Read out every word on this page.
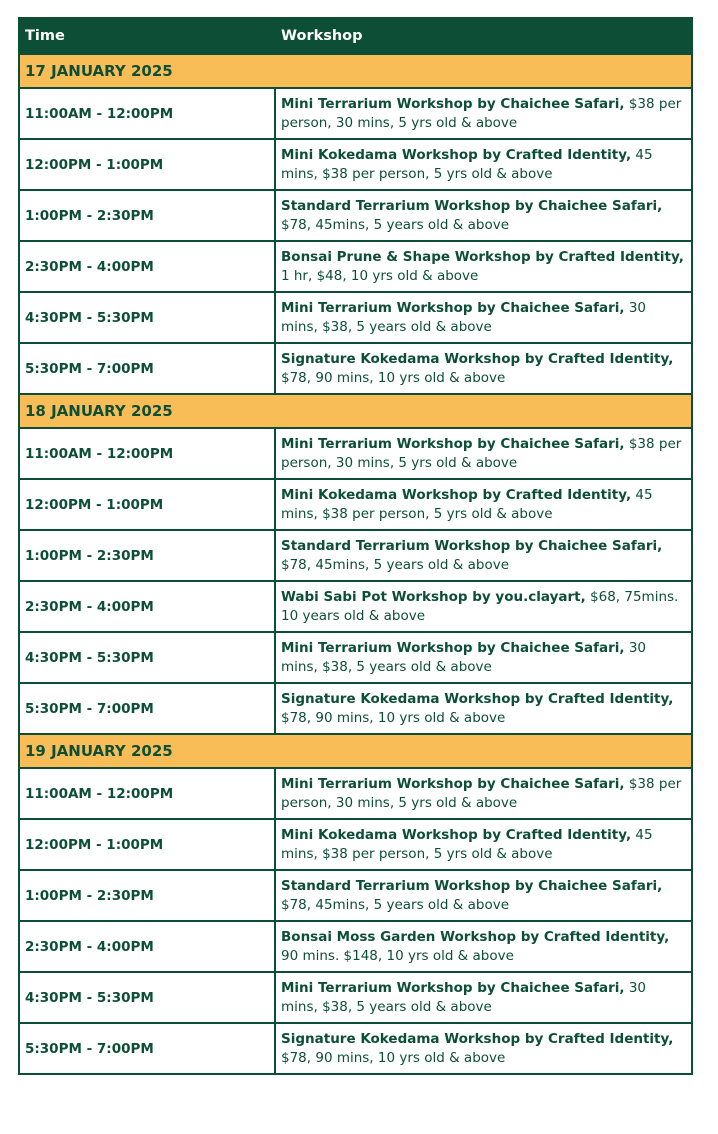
Time	Workshop
17 JANUARY 2025	
11:00AM - 12:00PM	Mini Terrarium Workshop by Chaichee Safari, $38 per person, 30 mins, 5 yrs old & above
12:00PM - 1:00PM	Mini Kokedama Workshop by Crafted Identity, 45 mins, $38 per person, 5 yrs old & above
1:00PM - 2:30PM	Standard Terrarium Workshop by Chaichee Safari, $78, 45mins, 5 years old & above
2:30PM - 4:00PM	Bonsai Prune & Shape Workshop by Crafted Identity, 1 hr, $48, 10 yrs old & above
4:30PM - 5:30PM	Mini Terrarium Workshop by Chaichee Safari, 30 mins, $38, 5 years old & above
5:30PM - 7:00PM	Signature Kokedama Workshop by Crafted Identity, $78, 90 mins, 10 yrs old & above
18 JANUARY 2025	
11:00AM - 12:00PM	Mini Terrarium Workshop by Chaichee Safari, $38 per person, 30 mins, 5 yrs old & above
12:00PM - 1:00PM	Mini Kokedama Workshop by Crafted Identity, 45 mins, $38 per person, 5 yrs old & above
1:00PM - 2:30PM	Standard Terrarium Workshop by Chaichee Safari, $78, 45mins, 5 years old & above
2:30PM - 4:00PM	Wabi Sabi Pot Workshop by you.clayart, $68, 75mins. 10 years old & above
4:30PM - 5:30PM	Mini Terrarium Workshop by Chaichee Safari, 30 mins, $38, 5 years old & above
5:30PM - 7:00PM	Signature Kokedama Workshop by Crafted Identity, $78, 90 mins, 10 yrs old & above
19 JANUARY 2025	
11:00AM - 12:00PM	Mini Terrarium Workshop by Chaichee Safari, $38 per person, 30 mins, 5 yrs old & above
12:00PM - 1:00PM	Mini Kokedama Workshop by Crafted Identity, 45 mins, $38 per person, 5 yrs old & above
1:00PM - 2:30PM	Standard Terrarium Workshop by Chaichee Safari, $78, 45mins, 5 years old & above
2:30PM - 4:00PM	Bonsai Moss Garden Workshop by Crafted Identity, 90 mins. $148, 10 yrs old & above
4:30PM - 5:30PM	Mini Terrarium Workshop by Chaichee Safari, 30 mins, $38, 5 years old & above
5:30PM - 7:00PM	Signature Kokedama Workshop by Crafted Identity, $78, 90 mins, 10 yrs old & above
